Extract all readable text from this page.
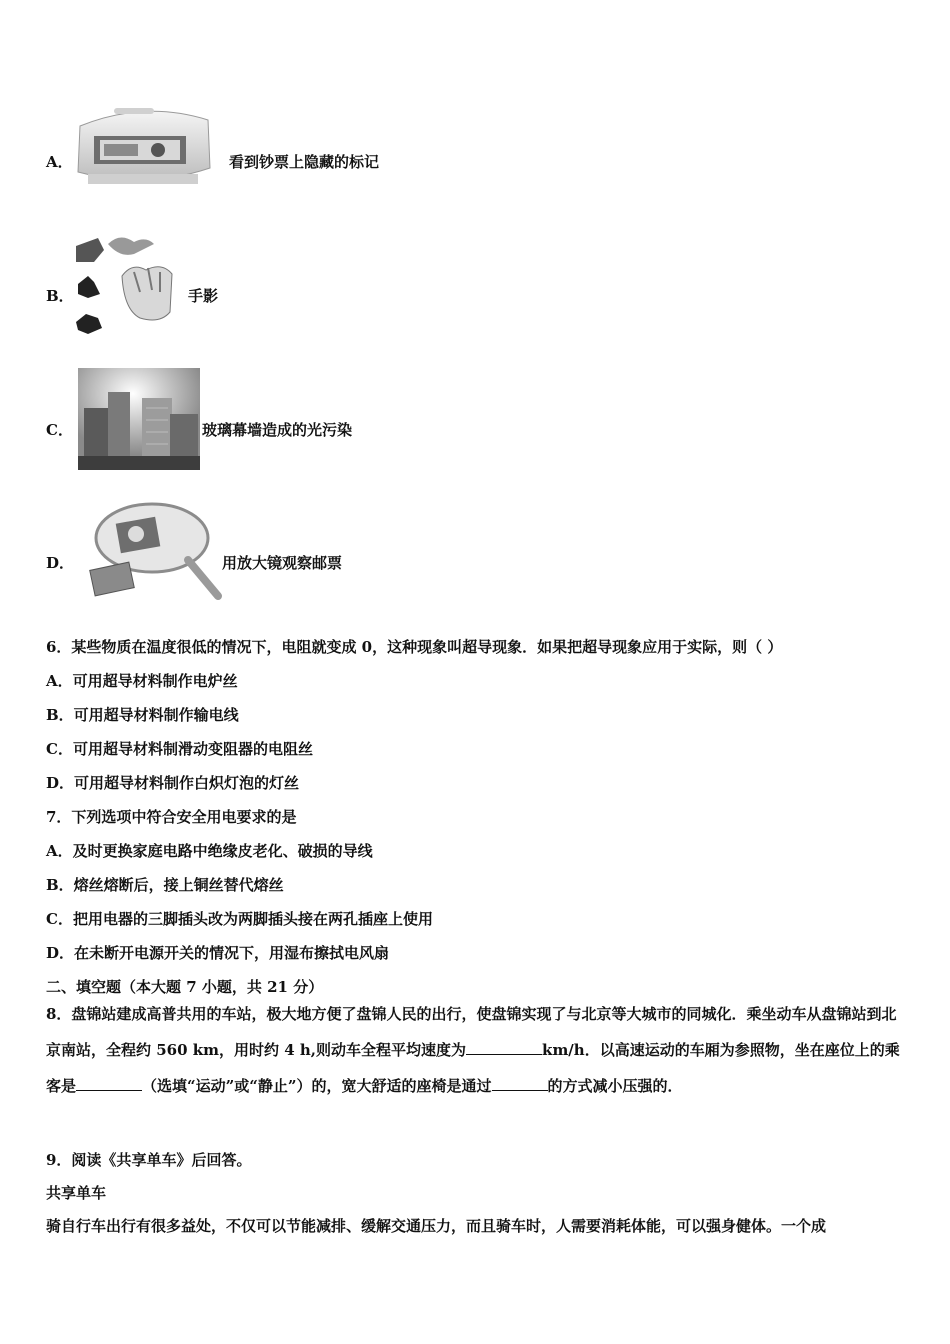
A．	看到钞票上隐藏的标记
B．	手影
C．	玻璃幕墙造成的光污染
D．	用放大镜观察邮票
6．某些物质在温度很低的情况下，电阻就变成 0，这种现象叫超导现象．如果把超导现象应用于实际，则（ ）
A．可用超导材料制作电炉丝
B．可用超导材料制作输电线
C．可用超导材料制滑动变阻器的电阻丝
D．可用超导材料制作白炽灯泡的灯丝
7．下列选项中符合安全用电要求的是
A．及时更换家庭电路中绝缘皮老化、破损的导线
B．熔丝熔断后，接上铜丝替代熔丝
C．把用电器的三脚插头改为两脚插头接在两孔插座上使用
D．在未断开电源开关的情况下，用湿布擦拭电风扇
二、填空题（本大题 7 小题，共 21 分）
8．盘锦站建成高普共用的车站，极大地方便了盘锦人民的出行，使盘锦实现了与北京等大城市的同城化．乘坐动车从盘锦站到北京南站，全程约 560 km，用时约 4 h,则动车全程平均速度为	km/h．以高速运动的车厢为参照物，坐在座位上的乘客是	（选填“运动”或“静止”）的，宽大舒适的座椅是通过	的方式减小压强的．
9．阅读《共享单车》后回答。
共享单车
骑自行车出行有很多益处，不仅可以节能减排、缓解交通压力，而且骑车时，人需要消耗体能，可以强身健体。一个成
